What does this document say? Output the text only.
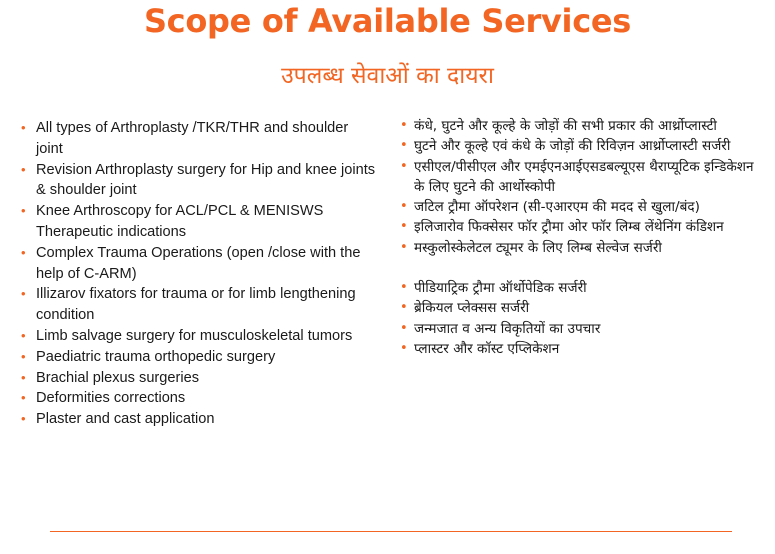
Scope of Available Services
उपलब्ध सेवाओं का दायरा
• All types of Arthroplasty /TKR/THR and shoulder joint
• Revision Arthroplasty surgery for Hip and knee joints & shoulder joint
• Knee Arthroscopy for ACL/PCL & MENISWS Therapeutic indications
• Complex Trauma Operations (open /close with the help of C-ARM)
• Illizarov fixators for trauma or for limb lengthening condition
• Limb salvage surgery for musculoskeletal tumors
• Paediatric trauma orthopedic surgery
• Brachial plexus surgeries
• Deformities corrections
• Plaster and cast application
• कंधे, घुटने और कूल्हे के जोड़ों की सभी प्रकार की आर्थ्रोप्लास्टी
• घुटने और कूल्हे एवं कंधे के जोड़ों की रिविज़न आर्थ्रोप्लास्टी सर्जरी
• एसीएल/पीसीएल और एमईएनआईएसडबल्यूएस थैराप्यूटिक इन्डिकेशन के लिए घुटने की आर्थोस्कोपी
• जटिल ट्रौमा ऑपरेशन (सी-एआरएम की मदद से खुला/बंद)
• इलिजारोव फिक्सेसर फॉर ट्रौमा ओर फॉर लिम्ब लेंथेनिंग कंडिशन
• मस्कुलोस्केलेटल ट्यूमर के लिए लिम्ब सेल्वेज सर्जरी
• पीडियाट्रिक ट्रौमा ऑर्थोपेडिक सर्जरी
• ब्रेकियल प्लेक्सस सर्जरी
• जन्मजात व अन्य विकृतियों का उपचार
• प्लास्टर और कॉस्ट एप्लिकेशन
